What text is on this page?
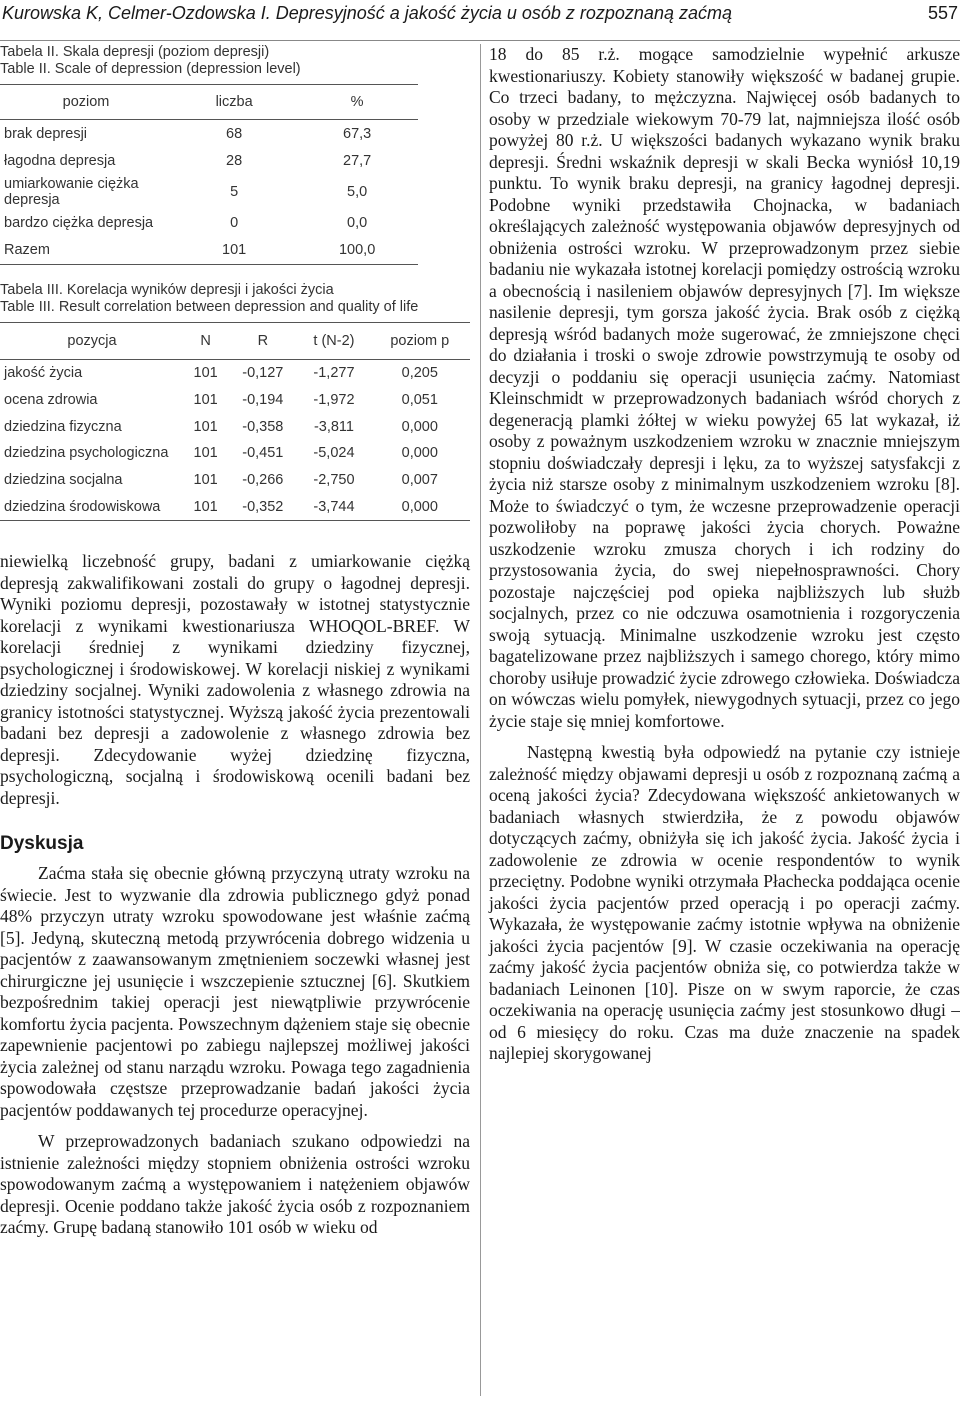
Kurowska K, Celmer-Ozdowska I. Depresyjność a jakość życia u osób z rozpoznaną zaćmą	557
Tabela II. Skala depresji (poziom depresji)
Table II. Scale of depression (depression level)
poziom	liczba	%
brak depresji	68	67,3
łagodna depresja	28	27,7
umiarkowanie ciężka depresja	5	5,0
bardzo ciężka depresja	0	0,0
Razem	101	100,0
Tabela III. Korelacja wyników depresji i jakości życia
Table III. Result correlation between depression and quality of life
pozycja	N	R	t (N-2)	poziom p
jakość życia	101	-0,127	-1,277	0,205
ocena zdrowia	101	-0,194	-1,972	0,051
dziedzina fizyczna	101	-0,358	-3,811	0,000
dziedzina psychologiczna	101	-0,451	-5,024	0,000
dziedzina socjalna	101	-0,266	-2,750	0,007
dziedzina środowiskowa	101	-0,352	-3,744	0,000

niewielką liczebność grupy, badani z umiarkowanie ciężką depresją zakwalifikowani zostali do grupy o łagodnej depresji. Wyniki poziomu depresji, pozostawały w istotnej statystycznie korelacji z wynikami kwestionariusza WHOQOL-BREF. W korelacji średniej z wynikami dziedziny fizycznej, psychologicznej i środowiskowej. W korelacji niskiej z wynikami dziedziny socjalnej. Wyniki zadowolenia z własnego zdrowia na granicy istotności statystycznej. Wyższą jakość życia prezentowali badani bez depresji a zadowolenie z własnego zdrowia bez depresji. Zdecydowanie wyżej dziedzinę fizyczna, psychologiczną, socjalną i środowiskową ocenili badani bez depresji.

Dyskusja

Zaćma stała się obecnie główną przyczyną utraty wzroku na świecie. Jest to wyzwanie dla zdrowia publicznego gdyż ponad 48% przyczyn utraty wzroku spowodowane jest właśnie zaćmą [5]. Jedyną, skuteczną metodą przywrócenia dobrego widzenia u pacjentów z zaawansowanym zmętnieniem soczewki własnej jest chirurgiczne jej usunięcie i wszczepienie sztucznej [6]. Skutkiem bezpośrednim takiej operacji jest niewątpliwie przywrócenie komfortu życia pacjenta. Powszechnym dążeniem staje się obecnie zapewnienie pacjentowi po zabiegu najlepszej możliwej jakości życia zależnej od stanu narządu wzroku. Powaga tego zagadnienia spowodowała częstsze przeprowadzanie badań jakości życia pacjentów poddawanych tej procedurze operacyjnej.

W przeprowadzonych badaniach szukano odpowiedzi na istnienie zależności między stopniem obniżenia ostrości wzroku spowodowanym zaćmą a występowaniem i natężeniem objawów depresji. Ocenie poddano także jakość życia osób z rozpoznaniem zaćmy. Grupę badaną stanowiło 101 osób w wieku od

18 do 85 r.ż. mogące samodzielnie wypełnić arkusze kwestionariuszy. Kobiety stanowiły większość w badanej grupie. Co trzeci badany, to mężczyzna. Najwięcej osób badanych to osoby w przedziale wiekowym 70-79 lat, najmniejsza ilość osób powyżej 80 r.ż. U większości badanych wykazano wynik braku depresji. Średni wskaźnik depresji w skali Becka wyniósł 10,19 punktu. To wynik braku depresji, na granicy łagodnej depresji. Podobne wyniki przedstawiła Chojnacka, w badaniach określających zależność występowania objawów depresyjnych od obniżenia ostrości wzroku. W przeprowadzonym przez siebie badaniu nie wykazała istotnej korelacji pomiędzy ostrością wzroku a obecnością i nasileniem objawów depresyjnych [7]. Im większe nasilenie depresji, tym gorsza jakość życia. Brak osób z ciężką depresją wśród badanych może sugerować, że zmniejszone chęci do działania i troski o swoje zdrowie powstrzymują te osoby od decyzji o poddaniu się operacji usunięcia zaćmy. Natomiast Kleinschmidt w przeprowadzonych badaniach wśród chorych z degeneracją plamki żółtej w wieku powyżej 65 lat wykazał, iż osoby z poważnym uszkodzeniem wzroku w znacznie mniejszym stopniu doświadczały depresji i lęku, za to wyższej satysfakcji z życia niż starsze osoby z minimalnym uszkodzeniem wzroku [8]. Może to świadczyć o tym, że wczesne przeprowadzenie operacji pozwoliłoby na poprawę jakości życia chorych. Poważne uszkodzenie wzroku zmusza chorych i ich rodziny do przystosowania życia, do swej niepełnosprawności. Chory pozostaje najczęściej pod opieka najbliższych lub służb socjalnych, przez co nie odczuwa osamotnienia i rozgoryczenia swoją sytuacją. Minimalne uszkodzenie wzroku jest często bagatelizowane przez najbliższych i samego chorego, który mimo choroby usiłuje prowadzić życie zdrowego człowieka. Doświadcza on wówczas wielu pomyłek, niewygodnych sytuacji, przez co jego życie staje się mniej komfortowe.

Następną kwestią była odpowiedź na pytanie czy istnieje zależność między objawami depresji u osób z rozpoznaną zaćmą a oceną jakości życia? Zdecydowana większość ankietowanych w badaniach własnych stwierdziła, że z powodu objawów dotyczących zaćmy, obniżyła się ich jakość życia. Jakość życia i zadowolenie ze zdrowia w ocenie respondentów to wynik przeciętny. Podobne wyniki otrzymała Płachecka poddająca ocenie jakości życia pacjentów przed operacją i po operacji zaćmy. Wykazała, że występowanie zaćmy istotnie wpływa na obniżenie jakości życia pacjentów [9]. W czasie oczekiwania na operację zaćmy jakość życia pacjentów obniża się, co potwierdza także w badaniach Leinonen [10]. Pisze on w swym raporcie, że czas oczekiwania na operację usunięcia zaćmy jest stosunkowo długi – od 6 miesięcy do roku. Czas ma duże znaczenie na spadek najlepiej skorygowanej
